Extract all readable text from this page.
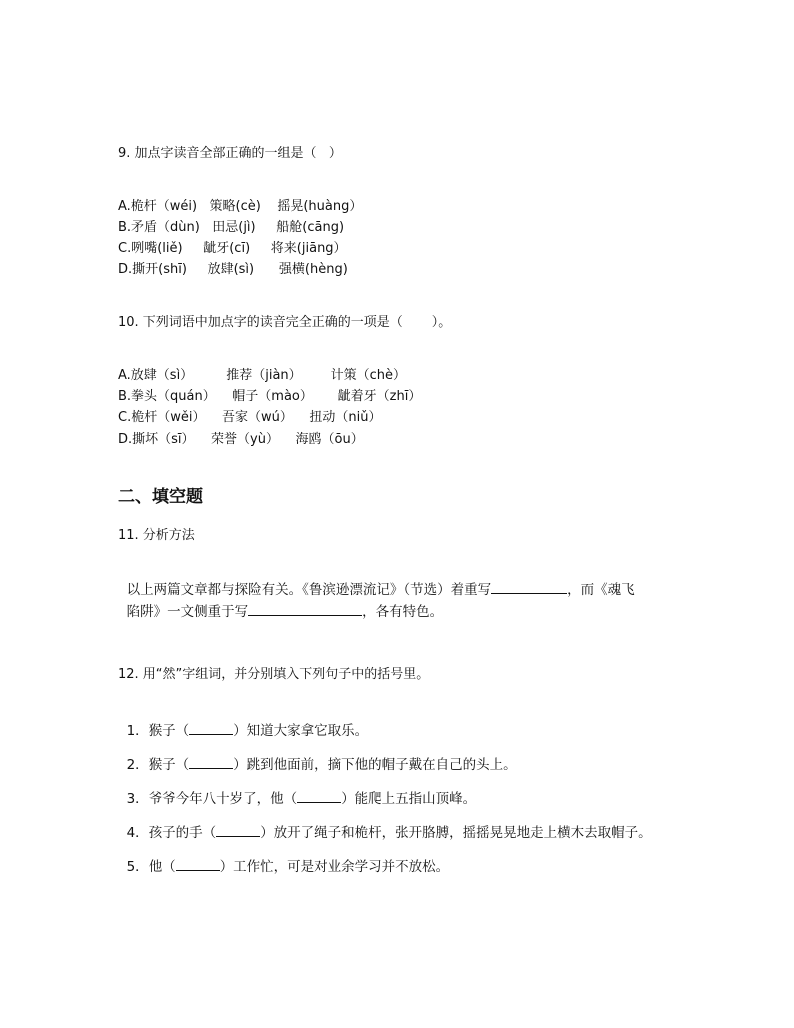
9. 加点字读音全部正确的一组是（   ）
A.桅杆（wéi)   策略(cè)    摇晃(huàng）
B.矛盾（dùn)   田忌(jì)     船舱(cāng)
C.咧嘴(liě)     龇牙(cī)     将来(jiāng）
D.撕开(shī)     放肆(sì)      强横(hèng)
10. 下列词语中加点字的读音完全正确的一项是（       ）。
A.放肆（sì）        推荐（jiàn）       计策（chè）
B.拳头（quán）    帽子（mào）      龇着牙（zhī）
C.桅杆（wěi）    吾家（wú）    扭动（niǔ）
D.撕坏（sī）    荣誉（yù）    海鸥（ōu）
二、填空题
11. 分析方法

以上两篇文章都与探险有关。《鲁滨逊漂流记》（节选）着重写	，而《魂飞

陷阱》一文侧重于写	，各有特色。

12. 用“然”字组词，并分别填入下列句子中的括号里。

1．猴子（	）知道大家拿它取乐。

2．猴子（	）跳到他面前，摘下他的帽子戴在自己的头上。

3．爷爷今年八十岁了，他（	）能爬上五指山顶峰。

4．孩子的手（	）放开了绳子和桅杆，张开胳膊，摇摇晃晃地走上横木去取帽子。

5．他（	）工作忙，可是对业余学习并不放松。
